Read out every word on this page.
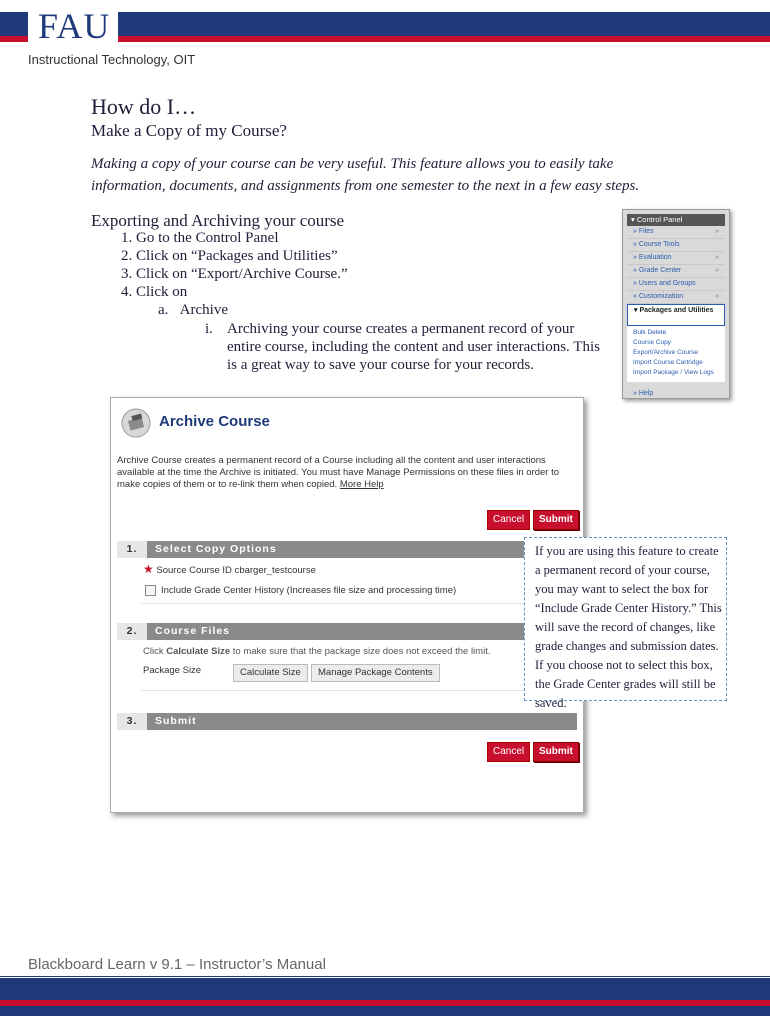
FAU
Instructional Technology, OIT
How do I…
Make a Copy of my Course?
Making a copy of your course can be very useful. This feature allows you to easily take information, documents, and assignments from one semester to the next in a few easy steps.
Exporting and Archiving your course
1. Go to the Control Panel
2. Click on “Packages and Utilities”
3. Click on “Export/Archive Course.”
4. Click on
a. Archive
i. Archiving your course creates a permanent record of your entire course, including the content and user interactions. This is a great way to save your course for your records.
▾ Control Panel
» Files	»
» Course Tools
» Evaluation	»
» Grade Center	»
» Users and Groups
» Customization	»
▾ Packages and Utilities
Bulk Delete
Course Copy
Export/Archive Course
Import Course Cartridge
Import Package / View Logs
» Help
Archive Course
Archive Course creates a permanent record of a Course including all the content and user interactions available at the time the Archive is initiated. You must have Manage Permissions on these files in order to make copies of them or to re-link them when copied. More Help
Cancel	Submit
1. Select Copy Options
★ Source Course ID cbarger_testcourse
Include Grade Center History (Increases file size and processing time)
2. Course Files
Click Calculate Size to make sure that the package size does not exceed the limit.
Package Size	Calculate Size	Manage Package Contents
3. Submit
Cancel	Submit
If you are using this feature to create a permanent record of your course, you may want to select the box for “Include Grade Center History.” This will save the record of changes, like grade changes and submission dates. If you choose not to select this box, the Grade Center grades will still be saved.
Blackboard Learn v 9.1 – Instructor’s Manual
